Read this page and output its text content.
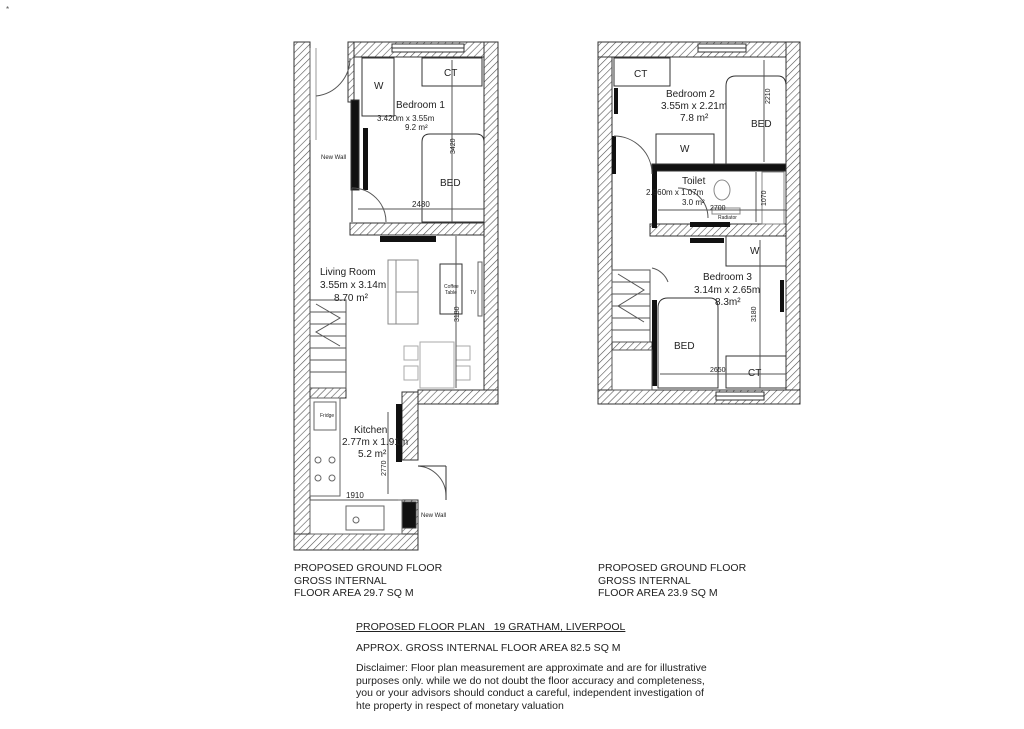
*
W
CT
Bedroom 1
3.420m x 3.55m
9.2 m²
BED
New Wall
New Wall
3420
2480
Living Room
3.55m x 3.14m
8.70 m²
Coffee
Table	TV
3180
Fridge
Kitchen
2.77m x 1.91m
5.2 m²
2770
1910
CT
Bedroom 2
3.55m x 2.21m
7.8 m²
2210
BED
W
Toilet
2.960m x 1.07m
3.0 m²	1070
2700
Radiator
W
Bedroom 3
3.14m x 2.65m
8.3m²
3180
BED
2650 CT
PROPOSED GROUND FLOOR
GROSS INTERNAL
FLOOR AREA 29.7 SQ M
PROPOSED GROUND FLOOR
GROSS INTERNAL
FLOOR AREA 23.9 SQ M
PROPOSED FLOOR PLAN   19 GRATHAM, LIVERPOOL
APPROX. GROSS INTERNAL FLOOR AREA 82.5 SQ M
Disclaimer: Floor plan measurement are approximate and are for illustrative purposes only. while we do not doubt the floor accuracy and completeness, you or your advisors should conduct a careful, independent investigation of hte property in respect of monetary valuation
